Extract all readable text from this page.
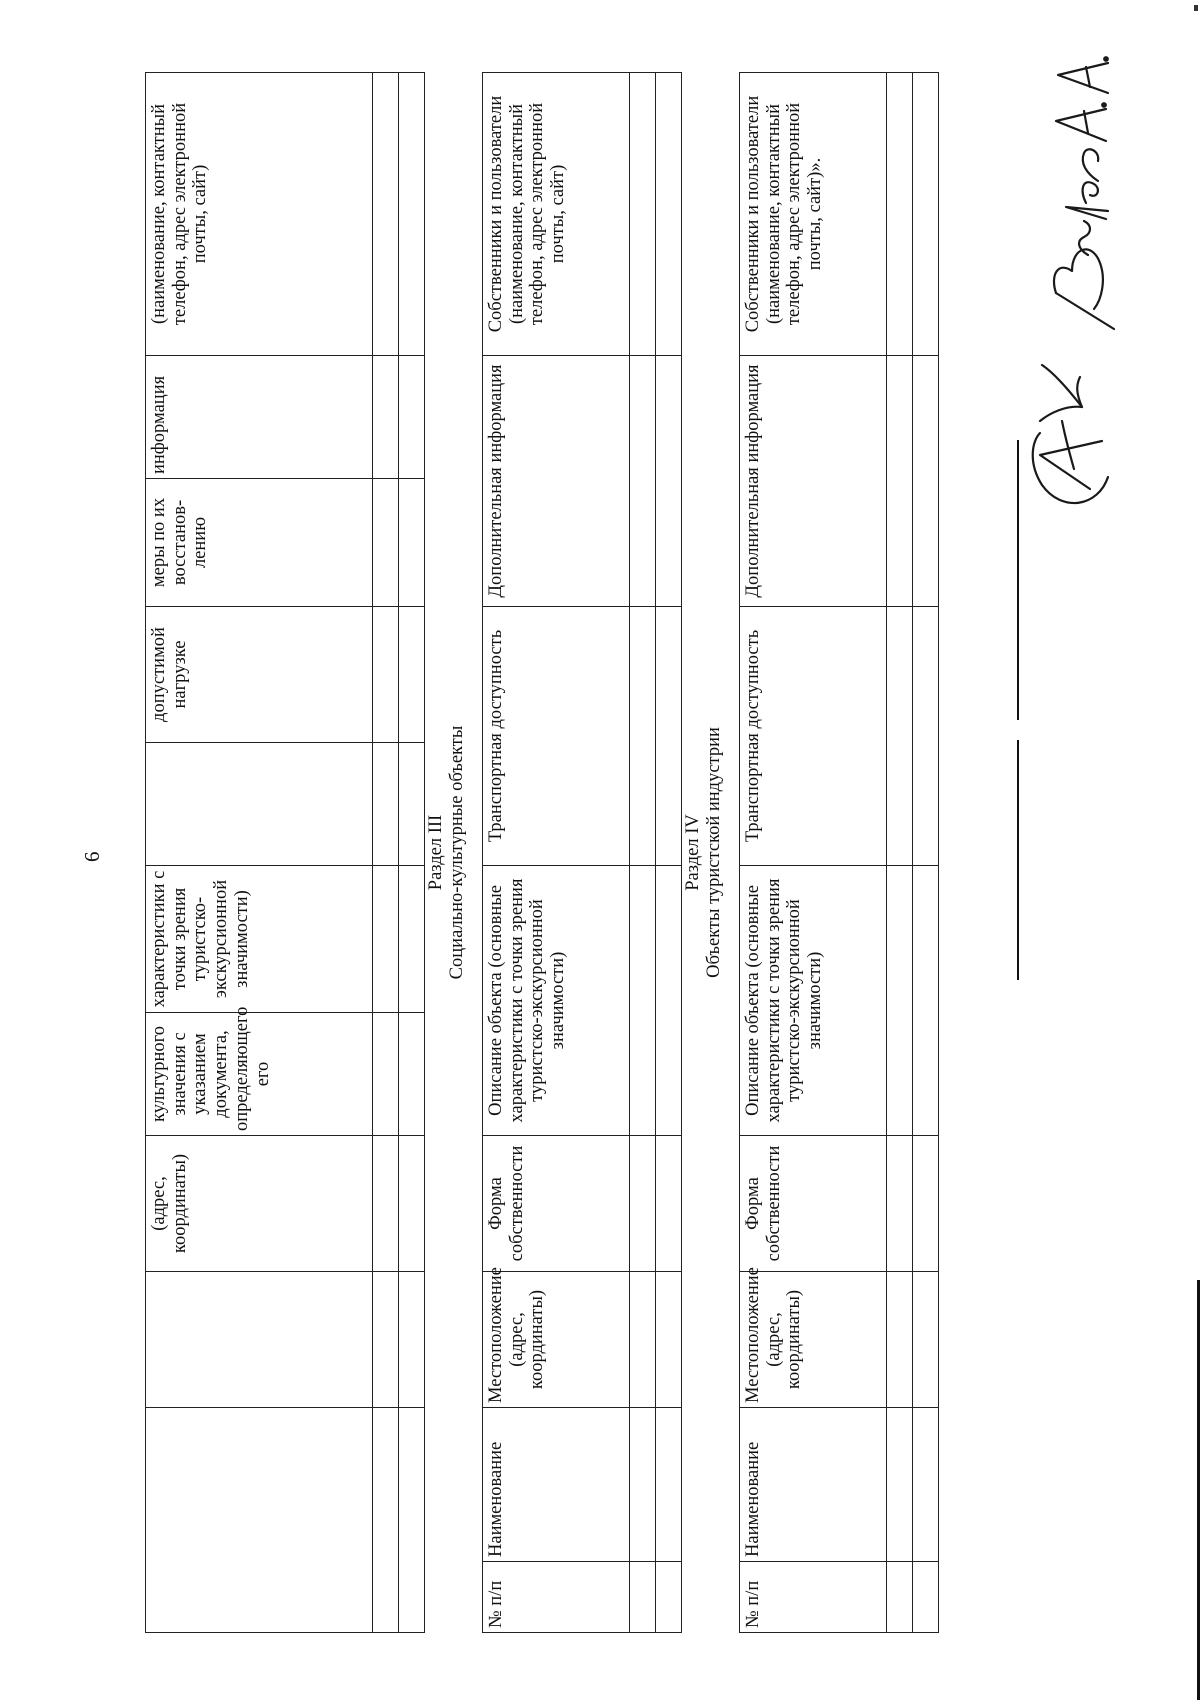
6
			(адрес, координаты)	культурного значения с указанием документа, определяющего его	характеристики с точки зрения туристско-экскурсионной значимости)		допустимой нагрузке	меры по их восстанов-лению	информация	(наименование, контактный телефон, адрес электронной почты, сайт)

Раздел III Социально-культурные объекты										

№ п/п	Наименование	Местоположение (адрес, координаты)	Форма собственности	Описание объекта (основные характеристики с точки зрения туристско-экскурсионной значимости)		Транспортная доступность		Дополнительная информация		Собственники и пользователи (наименование, контактный телефон, адрес электронной почты, сайт)

Раздел IV Объекты туристской индустрии										

№ п/п	Наименование	Местоположение (адрес, координаты)	Форма собственности	Описание объекта (основные характеристики с точки зрения туристско-экскурсионной значимости)		Транспортная доступность		Дополнительная информация		Собственники и пользователи (наименование, контактный телефон, адрес электронной почты, сайт)».
